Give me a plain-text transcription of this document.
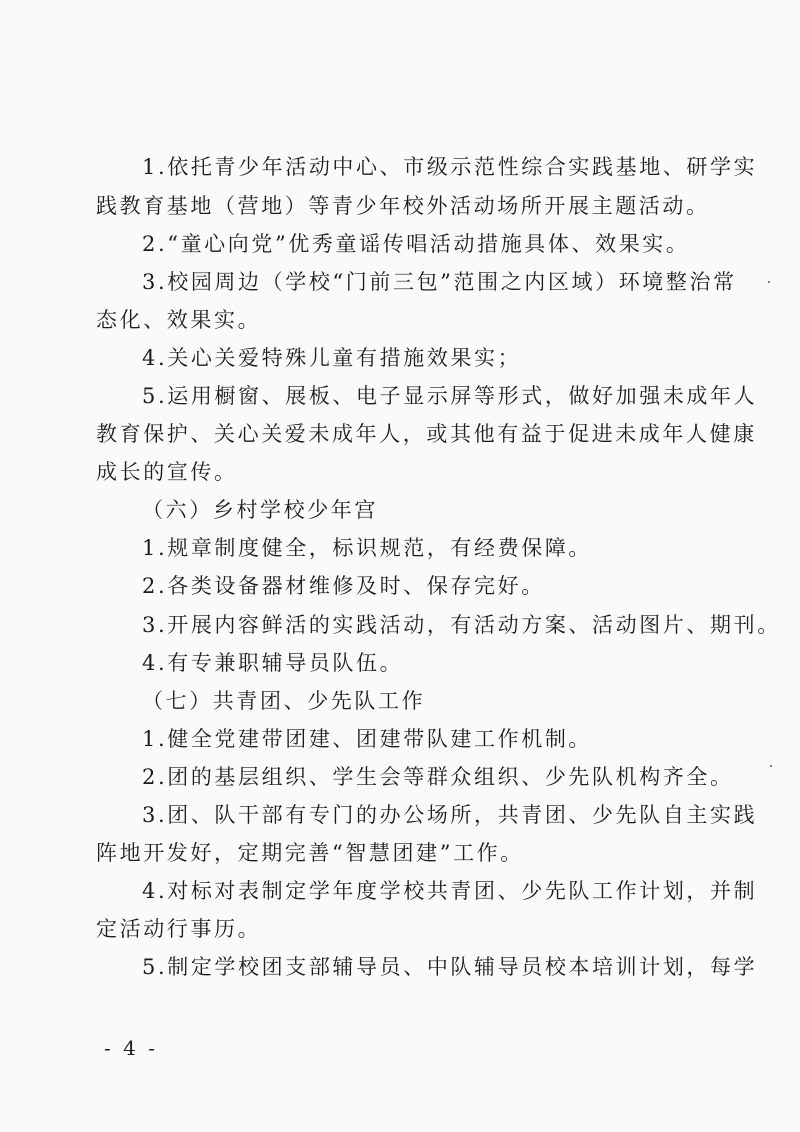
1.依托青少年活动中心、市级示范性综合实践基地、研学实
践教育基地（营地）等青少年校外活动场所开展主题活动。
2.“童心向党”优秀童谣传唱活动措施具体、效果实。
3.校园周边（学校“门前三包”范围之内区域）环境整治常
态化、效果实。
4.关心关爱特殊儿童有措施效果实；
5.运用橱窗、展板、电子显示屏等形式，做好加强未成年人
教育保护、关心关爱未成年人，或其他有益于促进未成年人健康
成长的宣传。
（六）乡村学校少年宫
1.规章制度健全，标识规范，有经费保障。
2.各类设备器材维修及时、保存完好。
3.开展内容鲜活的实践活动，有活动方案、活动图片、期刊。
4.有专兼职辅导员队伍。
（七）共青团、少先队工作
1.健全党建带团建、团建带队建工作机制。
2.团的基层组织、学生会等群众组织、少先队机构齐全。
3.团、队干部有专门的办公场所，共青团、少先队自主实践
阵地开发好，定期完善“智慧团建”工作。
4.对标对表制定学年度学校共青团、少先队工作计划，并制
定活动行事历。
5.制定学校团支部辅导员、中队辅导员校本培训计划，每学
- 4 -
